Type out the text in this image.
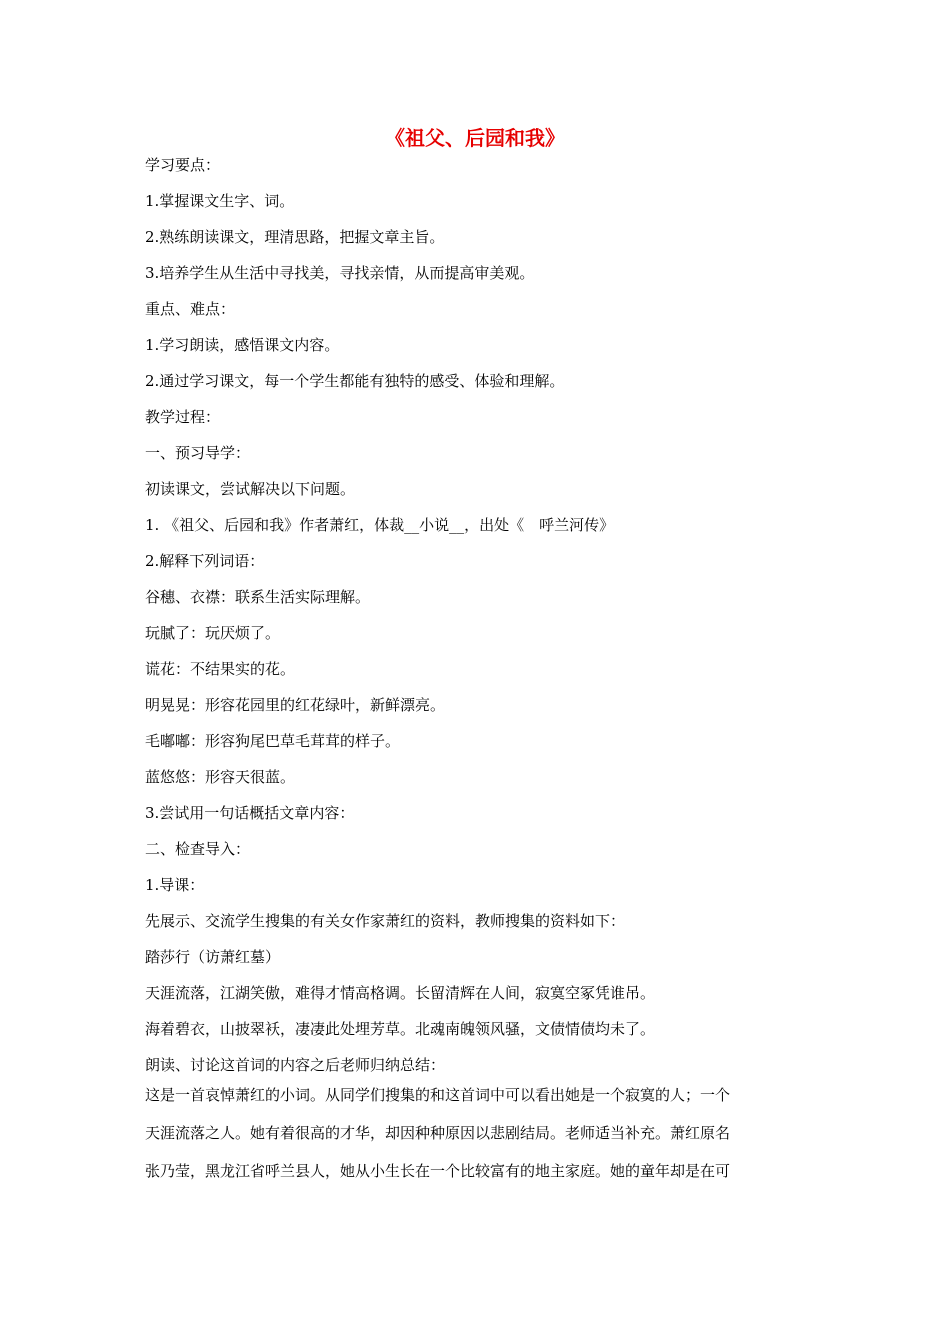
《祖父、后园和我》
学习要点：
1.掌握课文生字、词。
2.熟练朗读课文，理清思路，把握文章主旨。
3.培养学生从生活中寻找美，寻找亲情，从而提高审美观。
重点、难点：
1.学习朗读，感悟课文内容。
2.通过学习课文，每一个学生都能有独特的感受、体验和理解。
教学过程：
一、预习导学：
初读课文，尝试解决以下问题。
1. 《祖父、后园和我》作者萧红，体裁__小说__，出处《　呼兰河传》
2.解释下列词语：
谷穗、衣襟：联系生活实际理解。
玩腻了：玩厌烦了。
谎花：不结果实的花。
明晃晃：形容花园里的红花绿叶，新鲜漂亮。
毛嘟嘟：形容狗尾巴草毛茸茸的样子。
蓝悠悠：形容天很蓝。
3.尝试用一句话概括文章内容：
二、检查导入：
1.导课：
先展示、交流学生搜集的有关女作家萧红的资料，教师搜集的资料如下：
踏莎行（访萧红墓）
天涯流落，江湖笑傲，难得才情高格调。长留清辉在人间，寂寞空冢凭谁吊。
海着碧衣，山披翠袄，凄凄此处埋芳草。北魂南魄领风骚，文债情债均未了。
朗读、讨论这首词的内容之后老师归纳总结：
这是一首哀悼萧红的小词。从同学们搜集的和这首词中可以看出她是一个寂寞的人；一个
天涯流落之人。她有着很高的才华，却因种种原因以悲剧结局。老师适当补充。萧红原名
张乃莹，黑龙江省呼兰县人，她从小生长在一个比较富有的地主家庭。她的童年却是在可
